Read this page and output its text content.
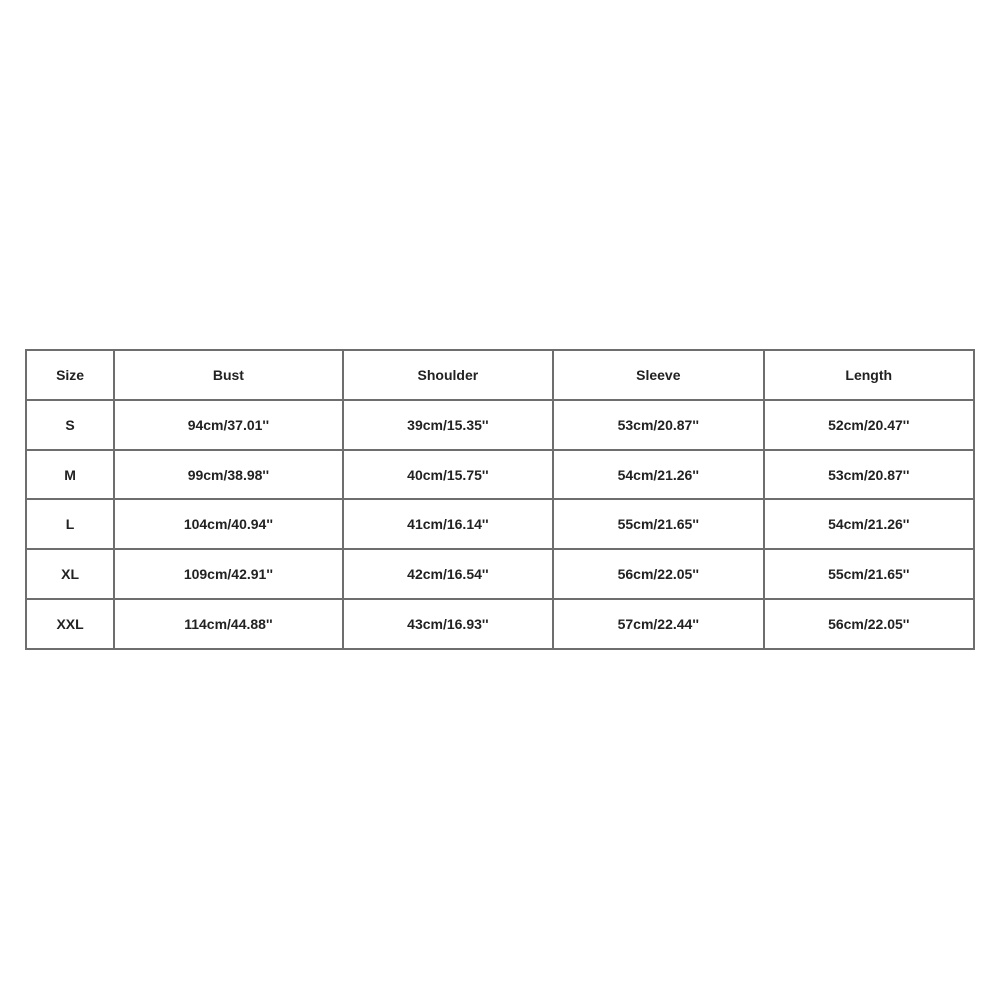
Size	Bust	Shoulder	Sleeve	Length
S	94cm/37.01''	39cm/15.35''	53cm/20.87''	52cm/20.47''
M	99cm/38.98''	40cm/15.75''	54cm/21.26''	53cm/20.87''
L	104cm/40.94''	41cm/16.14''	55cm/21.65''	54cm/21.26''
XL	109cm/42.91''	42cm/16.54''	56cm/22.05''	55cm/21.65''
XXL	114cm/44.88''	43cm/16.93''	57cm/22.44''	56cm/22.05''
